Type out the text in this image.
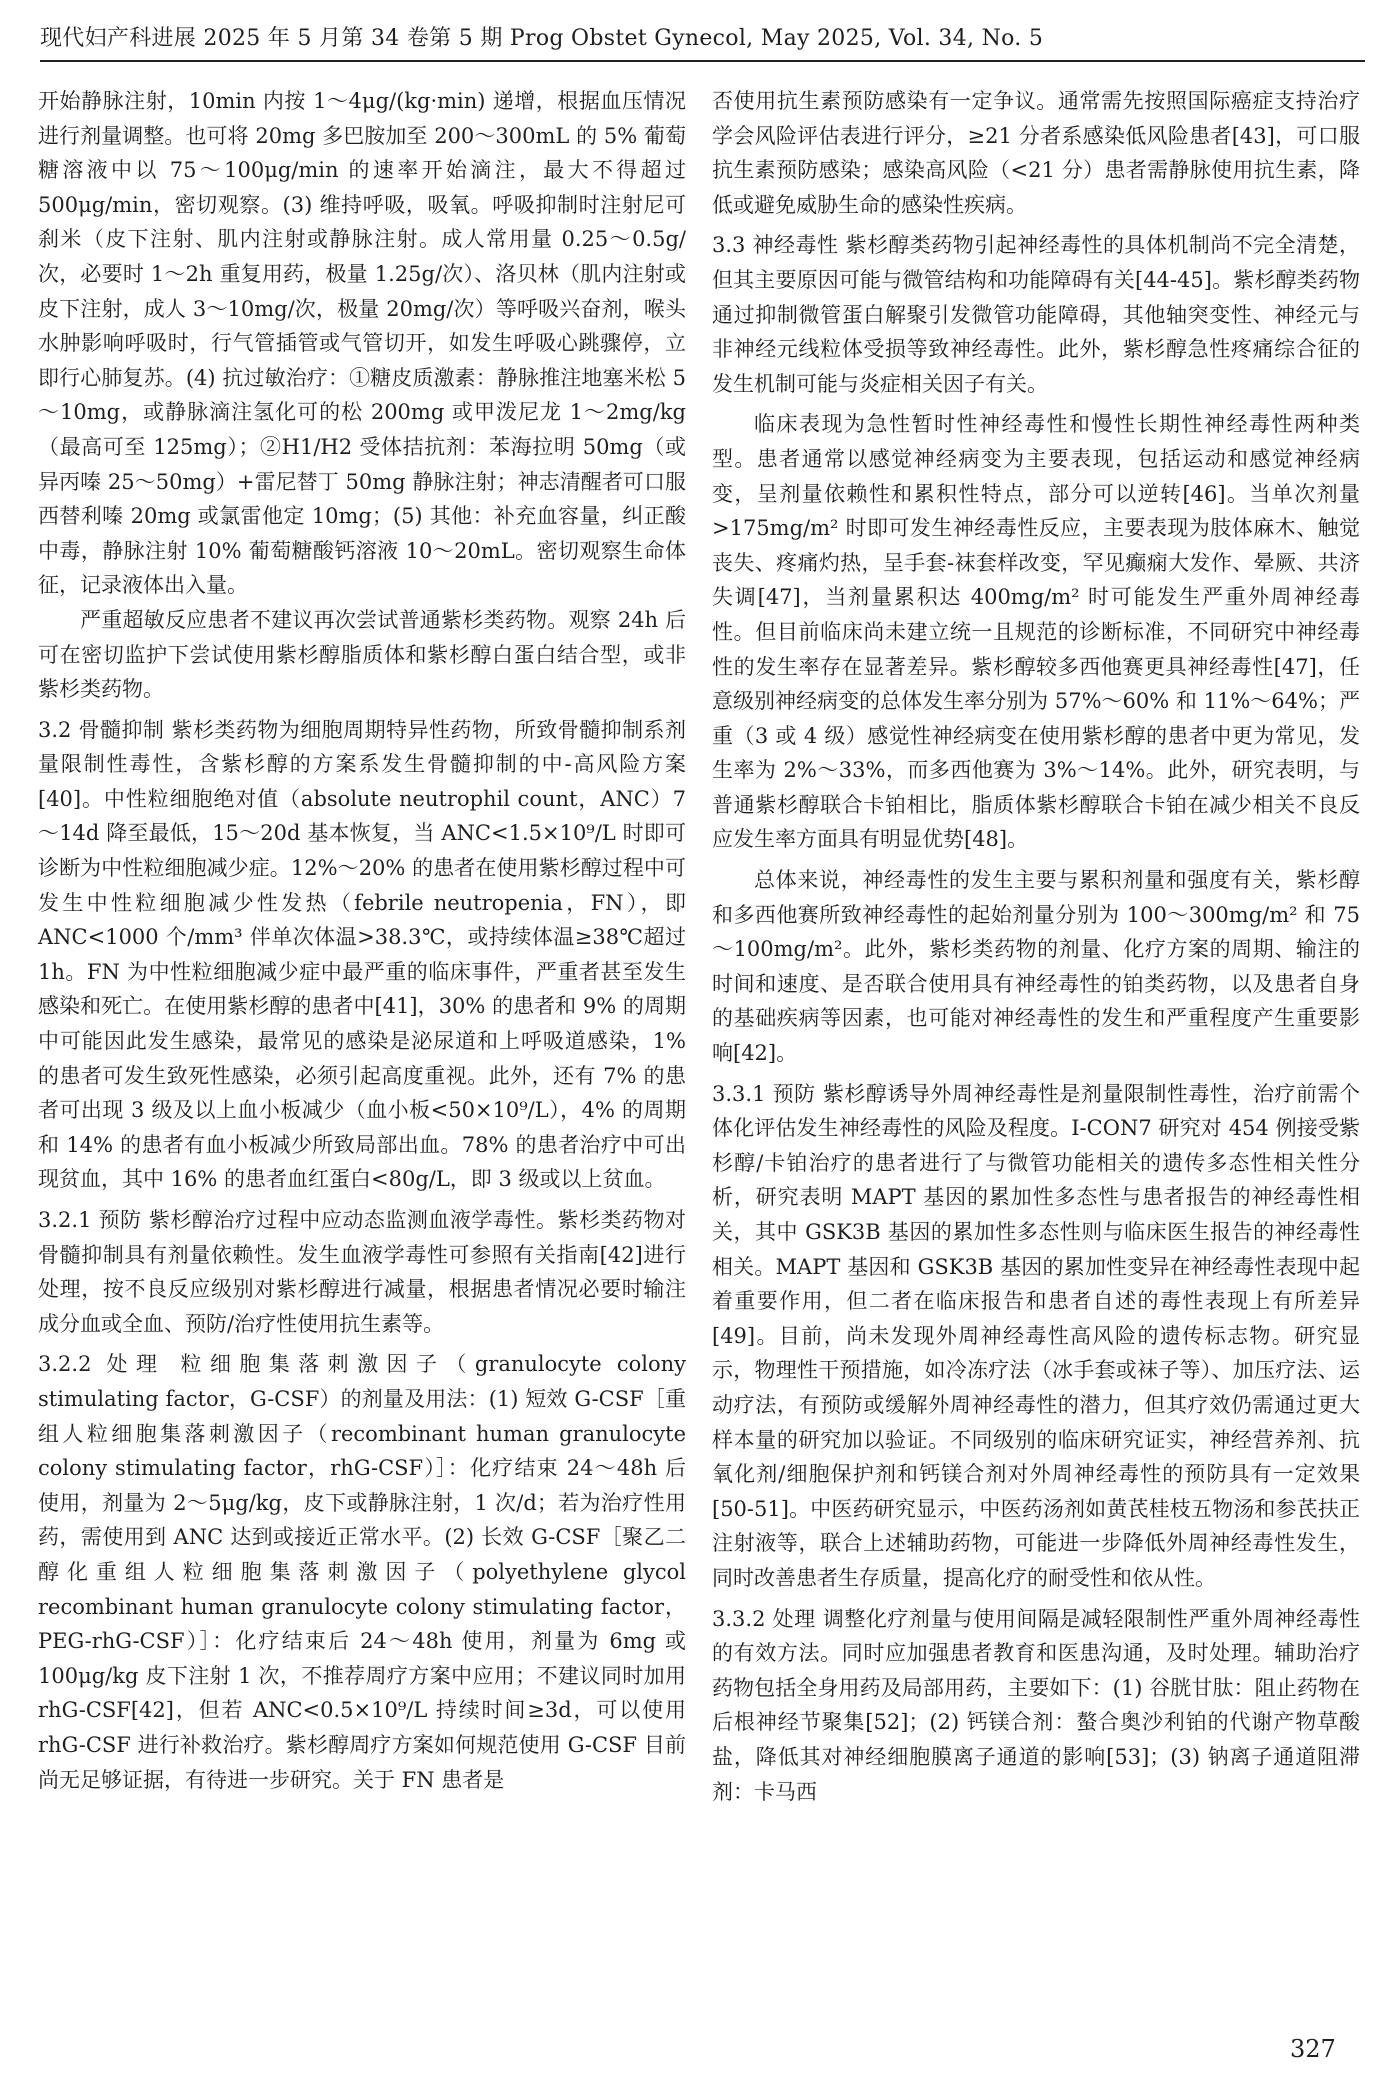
现代妇产科进展 2025 年 5 月第 34 卷第 5 期 Prog Obstet Gynecol, May 2025, Vol. 34, No. 5

开始静脉注射，10min 内按 1～4μg/(kg·min) 递增，根据血压情况进行剂量调整。也可将 20mg 多巴胺加至 200～300mL 的 5% 葡萄糖溶液中以 75～100μg/min 的速率开始滴注，最大不得超过 500μg/min，密切观察。(3) 维持呼吸，吸氧。呼吸抑制时注射尼可刹米（皮下注射、肌内注射或静脉注射。成人常用量 0.25～0.5g/次，必要时 1～2h 重复用药，极量 1.25g/次）、洛贝林（肌内注射或皮下注射，成人 3～10mg/次，极量 20mg/次）等呼吸兴奋剂，喉头水肿影响呼吸时，行气管插管或气管切开，如发生呼吸心跳骤停，立即行心肺复苏。(4) 抗过敏治疗：①糖皮质激素：静脉推注地塞米松 5～10mg，或静脉滴注氢化可的松 200mg 或甲泼尼龙 1～2mg/kg（最高可至 125mg）；②H1/H2 受体拮抗剂：苯海拉明 50mg（或异丙嗪 25～50mg）+雷尼替丁 50mg 静脉注射；神志清醒者可口服西替利嗪 20mg 或氯雷他定 10mg；(5) 其他：补充血容量，纠正酸中毒，静脉注射 10% 葡萄糖酸钙溶液 10～20mL。密切观察生命体征，记录液体出入量。

严重超敏反应患者不建议再次尝试普通紫杉类药物。观察 24h 后可在密切监护下尝试使用紫杉醇脂质体和紫杉醇白蛋白结合型，或非紫杉类药物。

3.2 骨髓抑制 紫杉类药物为细胞周期特异性药物，所致骨髓抑制系剂量限制性毒性，含紫杉醇的方案系发生骨髓抑制的中-高风险方案[40]。中性粒细胞绝对值（absolute neutrophil count，ANC）7～14d 降至最低，15～20d 基本恢复，当 ANC<1.5×10⁹/L 时即可诊断为中性粒细胞减少症。12%～20% 的患者在使用紫杉醇过程中可发生中性粒细胞减少性发热（febrile neutropenia，FN），即 ANC<1000 个/mm³ 伴单次体温>38.3℃，或持续体温≥38℃超过 1h。FN 为中性粒细胞减少症中最严重的临床事件，严重者甚至发生感染和死亡。在使用紫杉醇的患者中[41]，30% 的患者和 9% 的周期中可能因此发生感染，最常见的感染是泌尿道和上呼吸道感染，1% 的患者可发生致死性感染，必须引起高度重视。此外，还有 7% 的患者可出现 3 级及以上血小板减少（血小板<50×10⁹/L），4% 的周期和 14% 的患者有血小板减少所致局部出血。78% 的患者治疗中可出现贫血，其中 16% 的患者血红蛋白<80g/L，即 3 级或以上贫血。

3.2.1 预防 紫杉醇治疗过程中应动态监测血液学毒性。紫杉类药物对骨髓抑制具有剂量依赖性。发生血液学毒性可参照有关指南[42]进行处理，按不良反应级别对紫杉醇进行减量，根据患者情况必要时输注成分血或全血、预防/治疗性使用抗生素等。

3.2.2 处理 粒细胞集落刺激因子（granulocyte colony stimulating factor，G-CSF）的剂量及用法：(1) 短效 G-CSF［重组人粒细胞集落刺激因子（recombinant human granulocyte colony stimulating factor，rhG-CSF）］：化疗结束 24～48h 后使用，剂量为 2～5μg/kg，皮下或静脉注射，1 次/d；若为治疗性用药，需使用到 ANC 达到或接近正常水平。(2) 长效 G-CSF［聚乙二醇化重组人粒细胞集落刺激因子（polyethylene glycol recombinant human granulocyte colony stimulating factor，PEG-rhG-CSF）］：化疗结束后 24～48h 使用，剂量为 6mg 或 100μg/kg 皮下注射 1 次，不推荐周疗方案中应用；不建议同时加用 rhG-CSF[42]，但若 ANC<0.5×10⁹/L 持续时间≥3d，可以使用 rhG-CSF 进行补救治疗。紫杉醇周疗方案如何规范使用 G-CSF 目前尚无足够证据，有待进一步研究。关于 FN 患者是

否使用抗生素预防感染有一定争议。通常需先按照国际癌症支持治疗学会风险评估表进行评分，≥21 分者系感染低风险患者[43]，可口服抗生素预防感染；感染高风险（<21 分）患者需静脉使用抗生素，降低或避免威胁生命的感染性疾病。

3.3 神经毒性 紫杉醇类药物引起神经毒性的具体机制尚不完全清楚，但其主要原因可能与微管结构和功能障碍有关[44-45]。紫杉醇类药物通过抑制微管蛋白解聚引发微管功能障碍，其他轴突变性、神经元与非神经元线粒体受损等致神经毒性。此外，紫杉醇急性疼痛综合征的发生机制可能与炎症相关因子有关。

临床表现为急性暂时性神经毒性和慢性长期性神经毒性两种类型。患者通常以感觉神经病变为主要表现，包括运动和感觉神经病变，呈剂量依赖性和累积性特点，部分可以逆转[46]。当单次剂量>175mg/m² 时即可发生神经毒性反应，主要表现为肢体麻木、触觉丧失、疼痛灼热，呈手套-袜套样改变，罕见癫痫大发作、晕厥、共济失调[47]，当剂量累积达 400mg/m² 时可能发生严重外周神经毒性。但目前临床尚未建立统一且规范的诊断标准，不同研究中神经毒性的发生率存在显著差异。紫杉醇较多西他赛更具神经毒性[47]，任意级别神经病变的总体发生率分别为 57%～60% 和 11%～64%；严重（3 或 4 级）感觉性神经病变在使用紫杉醇的患者中更为常见，发生率为 2%～33%，而多西他赛为 3%～14%。此外，研究表明，与普通紫杉醇联合卡铂相比，脂质体紫杉醇联合卡铂在减少相关不良反应发生率方面具有明显优势[48]。

总体来说，神经毒性的发生主要与累积剂量和强度有关，紫杉醇和多西他赛所致神经毒性的起始剂量分别为 100～300mg/m² 和 75～100mg/m²。此外，紫杉类药物的剂量、化疗方案的周期、输注的时间和速度、是否联合使用具有神经毒性的铂类药物，以及患者自身的基础疾病等因素，也可能对神经毒性的发生和严重程度产生重要影响[42]。

3.3.1 预防 紫杉醇诱导外周神经毒性是剂量限制性毒性，治疗前需个体化评估发生神经毒性的风险及程度。I-CON7 研究对 454 例接受紫杉醇/卡铂治疗的患者进行了与微管功能相关的遗传多态性相关性分析，研究表明 MAPT 基因的累加性多态性与患者报告的神经毒性相关，其中 GSK3B 基因的累加性多态性则与临床医生报告的神经毒性相关。MAPT 基因和 GSK3B 基因的累加性变异在神经毒性表现中起着重要作用，但二者在临床报告和患者自述的毒性表现上有所差异[49]。目前，尚未发现外周神经毒性高风险的遗传标志物。研究显示，物理性干预措施，如冷冻疗法（冰手套或袜子等）、加压疗法、运动疗法，有预防或缓解外周神经毒性的潜力，但其疗效仍需通过更大样本量的研究加以验证。不同级别的临床研究证实，神经营养剂、抗氧化剂/细胞保护剂和钙镁合剂对外周神经毒性的预防具有一定效果[50-51]。中医药研究显示，中医药汤剂如黄芪桂枝五物汤和参芪扶正注射液等，联合上述辅助药物，可能进一步降低外周神经毒性发生，同时改善患者生存质量，提高化疗的耐受性和依从性。

3.3.2 处理 调整化疗剂量与使用间隔是减轻限制性严重外周神经毒性的有效方法。同时应加强患者教育和医患沟通，及时处理。辅助治疗药物包括全身用药及局部用药，主要如下：(1) 谷胱甘肽：阻止药物在后根神经节聚集[52]；(2) 钙镁合剂：螯合奥沙利铂的代谢产物草酸盐，降低其对神经细胞膜离子通道的影响[53]；(3) 钠离子通道阻滞剂：卡马西

327
